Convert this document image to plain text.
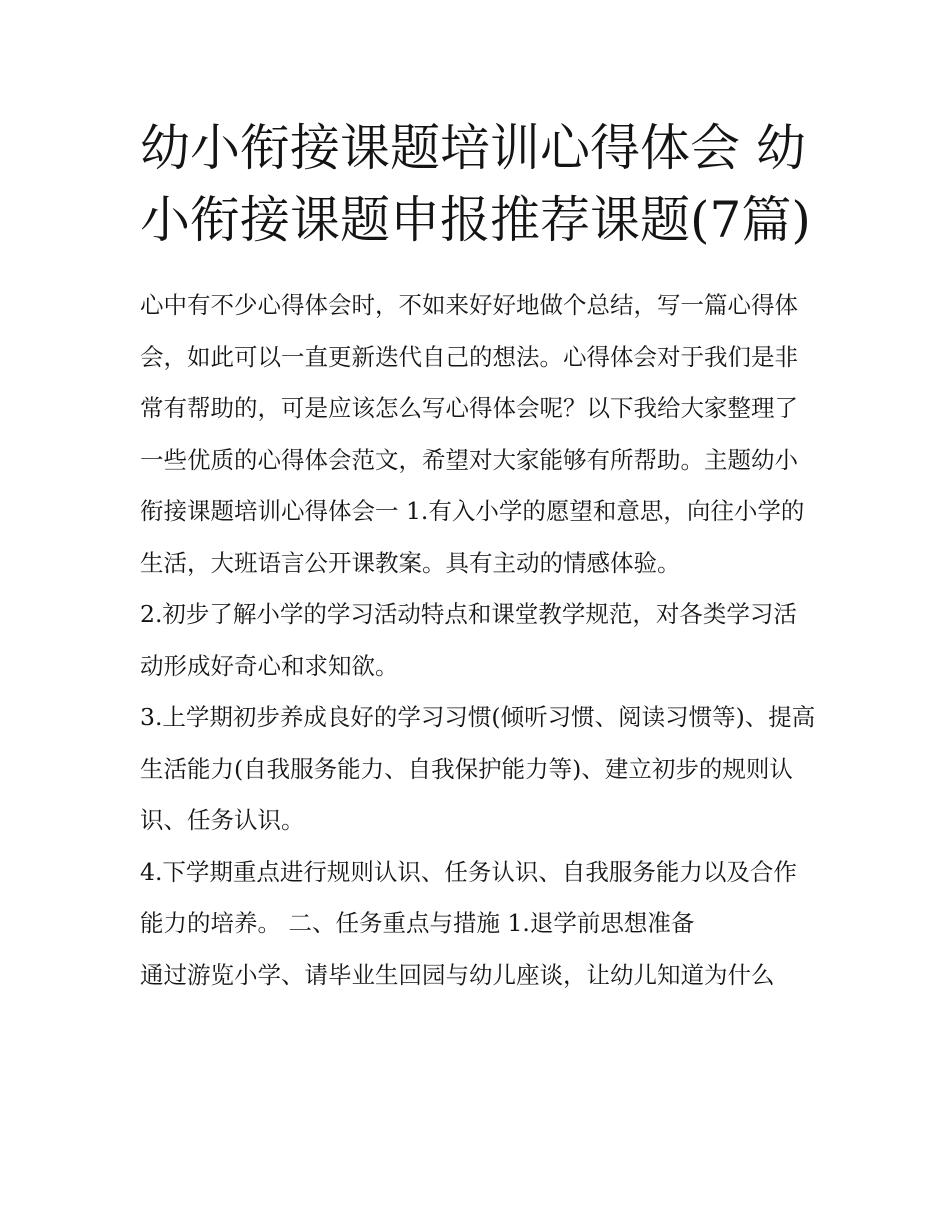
幼小衔接课题培训心得体会 幼小衔接课题申报推荐课题(7篇)

心中有不少心得体会时，不如来好好地做个总结，写一篇心得体会，如此可以一直更新迭代自己的想法。心得体会对于我们是非常有帮助的，可是应该怎么写心得体会呢？以下我给大家整理了一些优质的心得体会范文，希望对大家能够有所帮助。主题幼小衔接课题培训心得体会一 1.有入小学的愿望和意思，向往小学的生活，大班语言公开课教案。具有主动的情感体验。

2.初步了解小学的学习活动特点和课堂教学规范，对各类学习活动形成好奇心和求知欲。

3.上学期初步养成良好的学习习惯(倾听习惯、阅读习惯等)、提高生活能力(自我服务能力、自我保护能力等)、建立初步的规则认识、任务认识。

4.下学期重点进行规则认识、任务认识、自我服务能力以及合作能力的培养。 二、任务重点与措施 1.退学前思想准备

通过游览小学、请毕业生回园与幼儿座谈，让幼儿知道为什么
